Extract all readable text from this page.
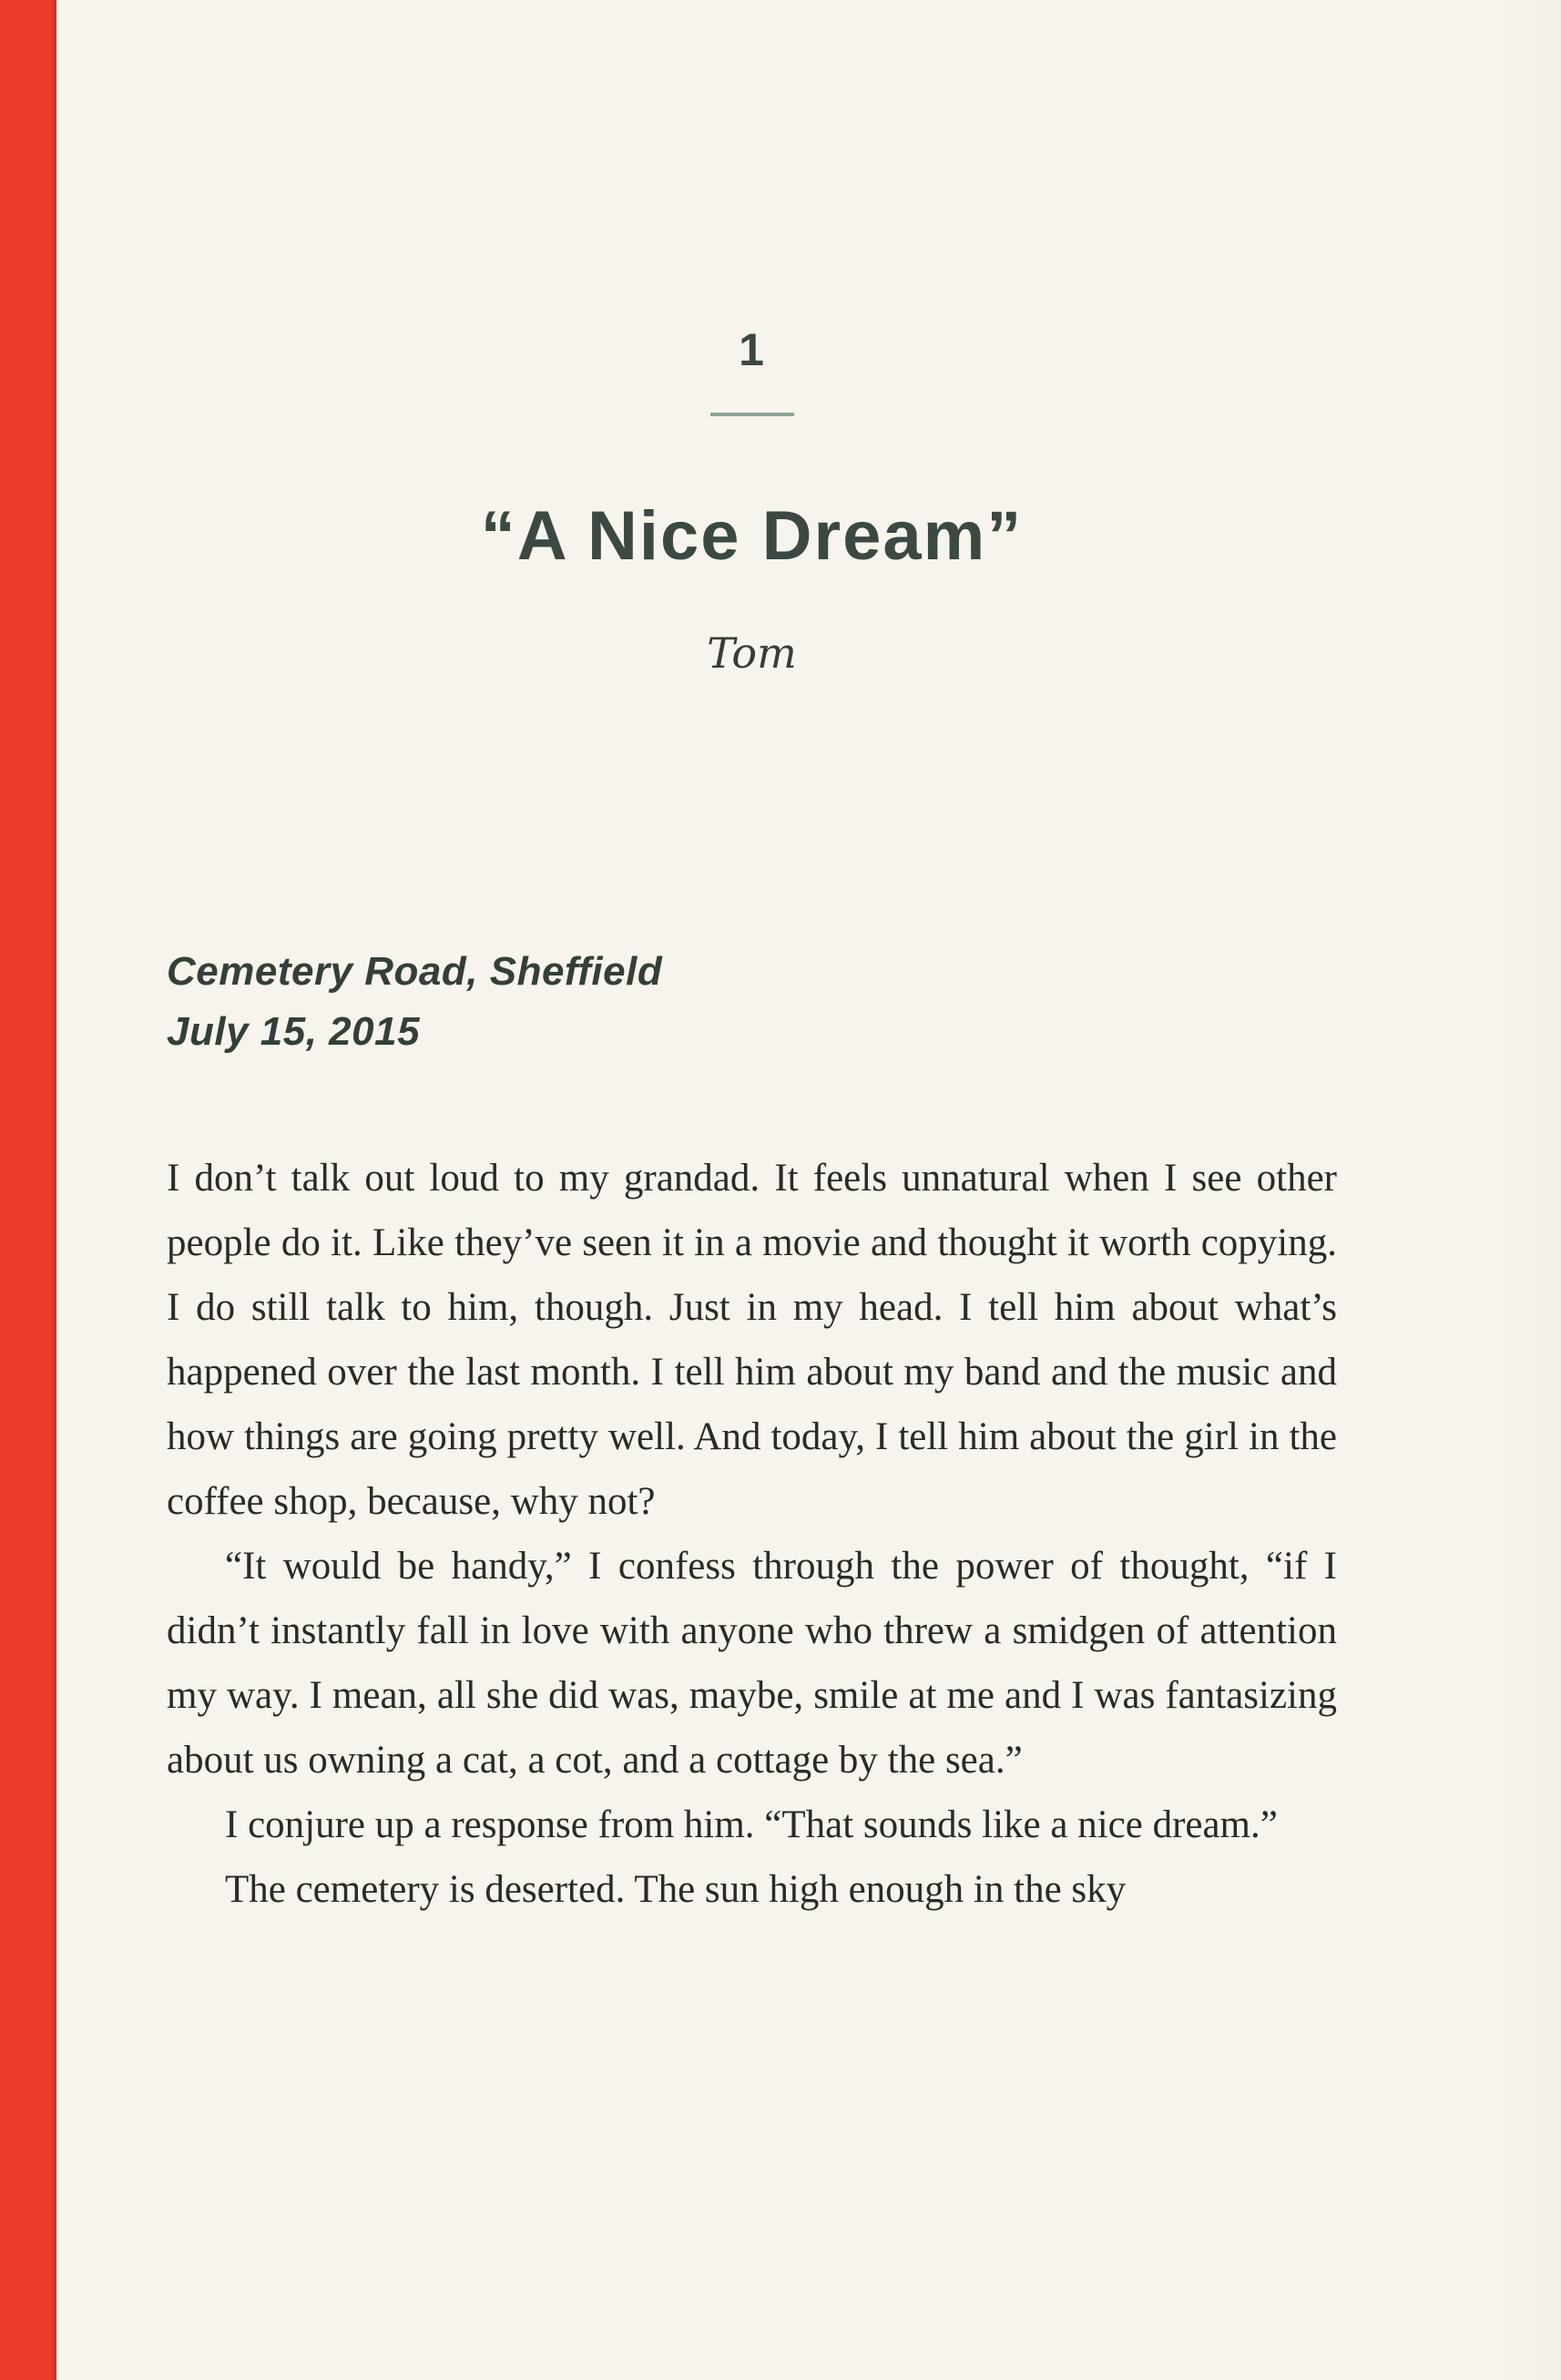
1
“A Nice Dream”
Tom
Cemetery Road, Sheffield
July 15, 2015

I don’t talk out loud to my grandad. It feels unnatural when I see other people do it. Like they’ve seen it in a movie and thought it worth copying. I do still talk to him, though. Just in my head. I tell him about what’s happened over the last month. I tell him about my band and the music and how things are going pretty well. And today, I tell him about the girl in the coffee shop, because, why not?

“It would be handy,” I confess through the power of thought, “if I didn’t instantly fall in love with anyone who threw a smidgen of attention my way. I mean, all she did was, maybe, smile at me and I was fantasizing about us owning a cat, a cot, and a cottage by the sea.”

I conjure up a response from him. “That sounds like a nice dream.”

The cemetery is deserted. The sun high enough in the sky
